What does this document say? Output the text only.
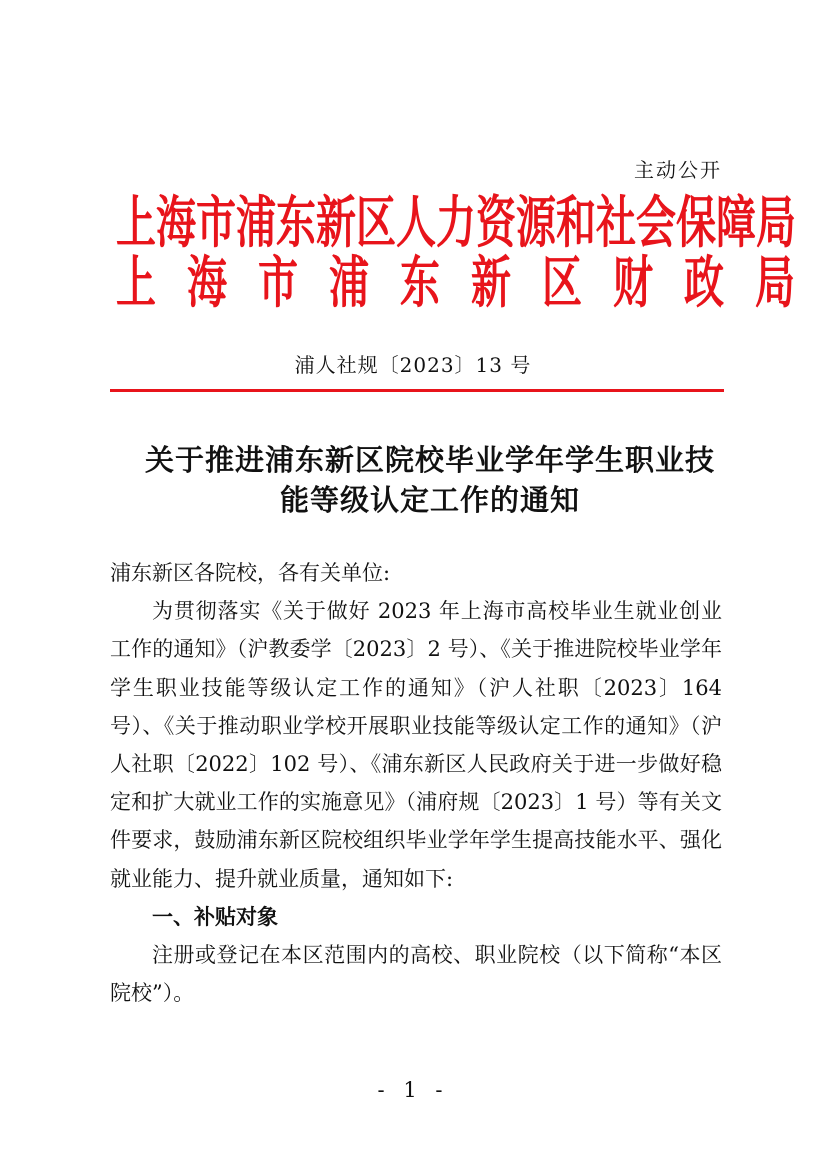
主动公开
上海市浦东新区人力资源和社会保障局
上海市浦东新区财政局
浦人社规〔2023〕13 号
关于推进浦东新区院校毕业学年学生职业技
能等级认定工作的通知

浦东新区各院校，各有关单位:

为贯彻落实《关于做好 2023 年上海市高校毕业生就业创业工作的通知》（沪教委学〔2023〕2 号）、《关于推进院校毕业学年学生职业技能等级认定工作的通知》（沪人社职〔2023〕164 号）、《关于推动职业学校开展职业技能等级认定工作的通知》（沪人社职〔2022〕102 号）、《浦东新区人民政府关于进一步做好稳定和扩大就业工作的实施意见》（浦府规〔2023〕1 号）等有关文件要求，鼓励浦东新区院校组织毕业学年学生提高技能水平、强化就业能力、提升就业质量，通知如下:

一、补贴对象

注册或登记在本区范围内的高校、职业院校（以下简称“本区院校”）。

- 1 -
